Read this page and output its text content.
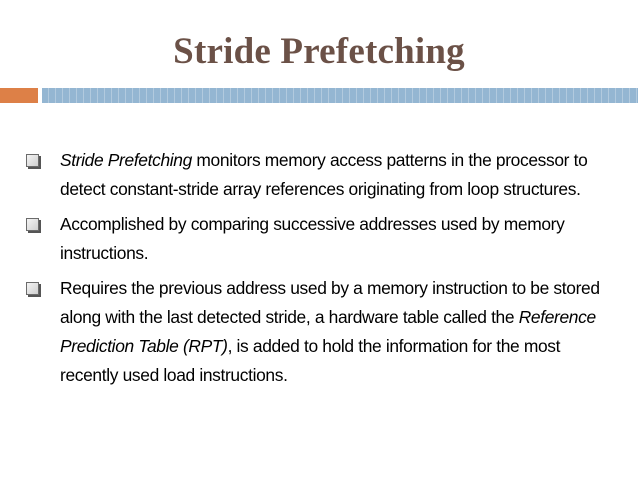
Stride Prefetching
Stride Prefetching monitors memory access patterns in the processor to detect constant-stride array references originating from loop structures.
Accomplished by comparing successive addresses used by memory instructions.
Requires the previous address used by a memory instruction to be stored along with the last detected stride, a hardware table called the Reference Prediction Table (RPT), is added to hold the information for the most recently used load instructions.
